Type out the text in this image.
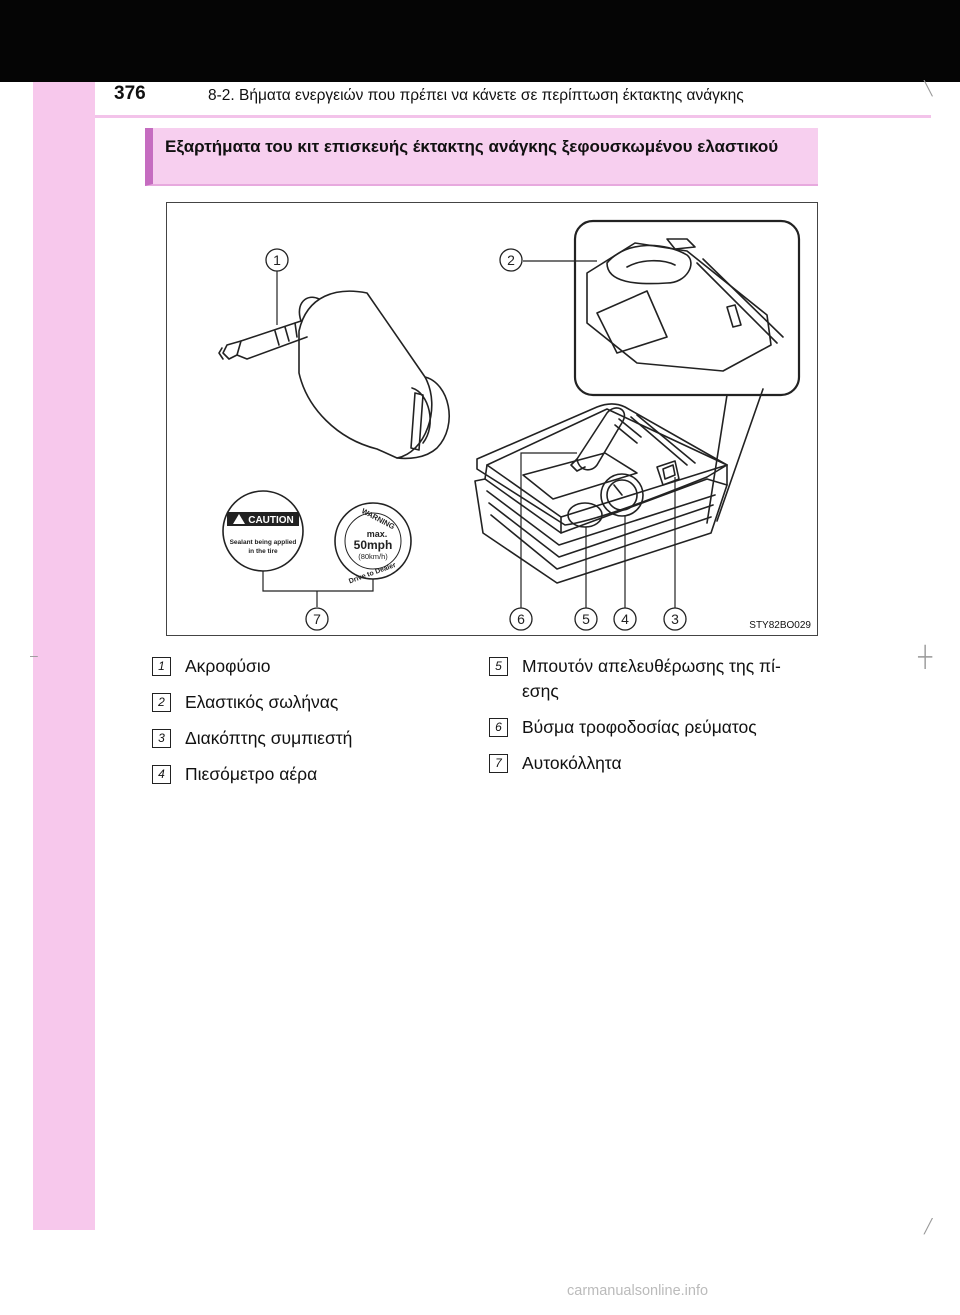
376	8-2. Βήματα ενεργειών που πρέπει να κάνετε σε περίπτωση έκτακτης ανάγκης	╲
┼
╱
–
Εξαρτήματα του κιτ επισκευής έκτακτης ανάγκης ξεφουσκωμένου ελαστικού
CAUTION
Sealant being applied
in the tire
WARNING
max.
50mph
(80km/h)
Drive to Dealer
1	2
3
4
5
6
7	STY82BO029
1	Ακροφύσιο
2	Ελαστικός σωλήνας
3	Διακόπτης συμπιεστή
4	Πιεσόμετρο αέρα
5	Μπουτόν απελευθέρωσης της πί-
εσης
6	Βύσμα τροφοδοσίας ρεύματος
7	Αυτοκόλλητα
carmanualsonline.info
